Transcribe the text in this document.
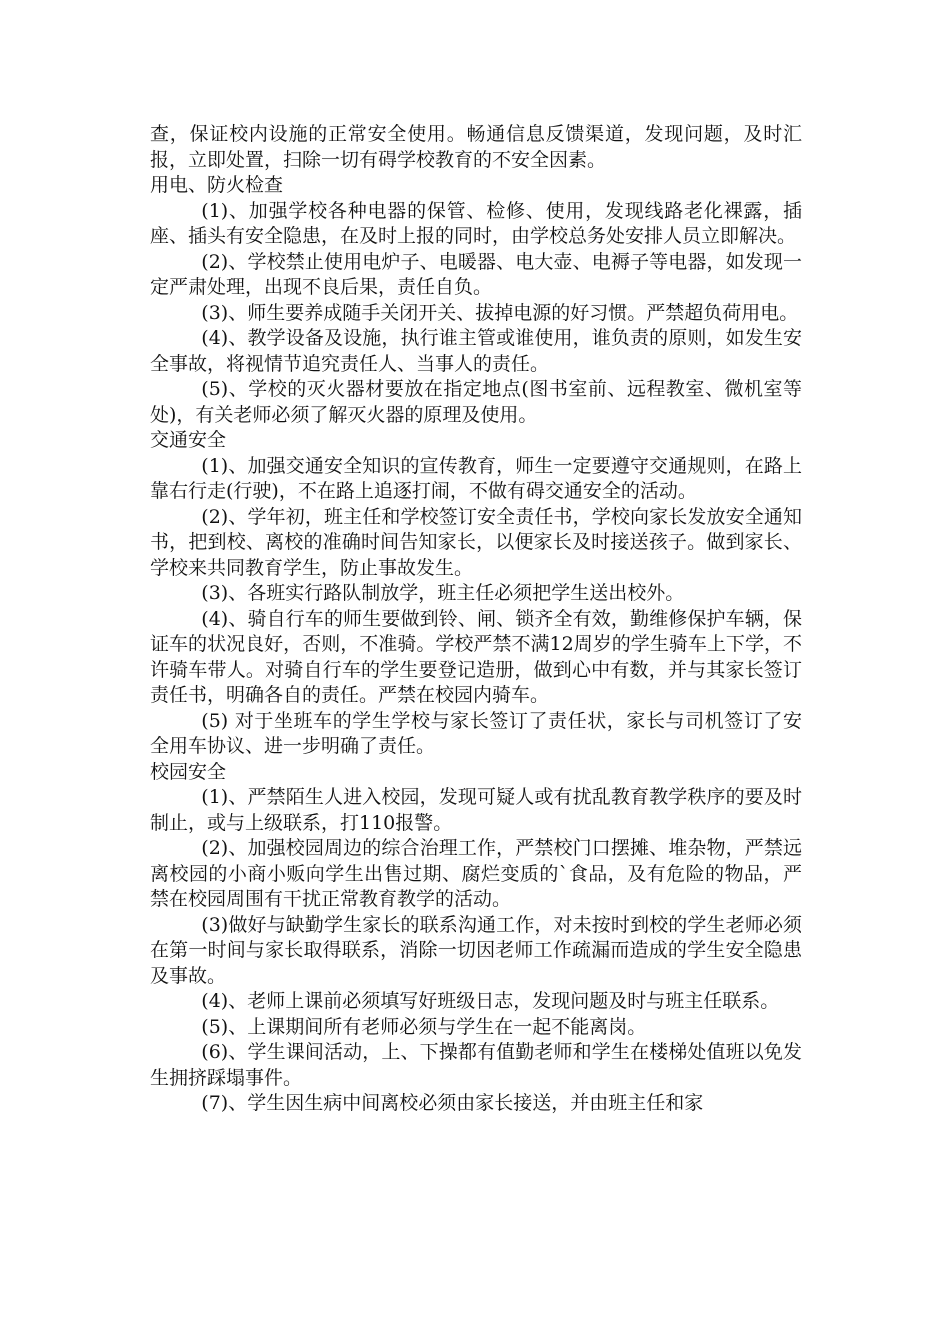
查，保证校内设施的正常安全使用。畅通信息反馈渠道，发现问题，及时汇报，立即处置，扫除一切有碍学校教育的不安全因素。

用电、防火检查

(1)、加强学校各种电器的保管、检修、使用，发现线路老化裸露，插座、插头有安全隐患，在及时上报的同时，由学校总务处安排人员立即解决。

(2)、学校禁止使用电炉子、电暖器、电大壶、电褥子等电器，如发现一定严肃处理，出现不良后果，责任自负。

(3)、师生要养成随手关闭开关、拔掉电源的好习惯。严禁超负荷用电。

(4)、教学设备及设施，执行谁主管或谁使用，谁负责的原则，如发生安全事故，将视情节追究责任人、当事人的责任。

(5)、学校的灭火器材要放在指定地点(图书室前、远程教室、微机室等处)，有关老师必须了解灭火器的原理及使用。

交通安全

(1)、加强交通安全知识的宣传教育，师生一定要遵守交通规则，在路上靠右行走(行驶)，不在路上追逐打闹，不做有碍交通安全的活动。

(2)、学年初，班主任和学校签订安全责任书，学校向家长发放安全通知书，把到校、离校的准确时间告知家长，以便家长及时接送孩子。做到家长、学校来共同教育学生，防止事故发生。

(3)、各班实行路队制放学，班主任必须把学生送出校外。

(4)、骑自行车的师生要做到铃、闸、锁齐全有效，勤维修保护车辆，保证车的状况良好，否则，不准骑。学校严禁不满12周岁的学生骑车上下学，不许骑车带人。对骑自行车的学生要登记造册，做到心中有数，并与其家长签订责任书，明确各自的责任。严禁在校园内骑车。

(5) 对于坐班车的学生学校与家长签订了责任状，家长与司机签订了安全用车协议、进一步明确了责任。

校园安全

(1)、严禁陌生人进入校园，发现可疑人或有扰乱教育教学秩序的要及时制止，或与上级联系，打110报警。

(2)、加强校园周边的综合治理工作，严禁校门口摆摊、堆杂物，严禁远离校园的小商小贩向学生出售过期、腐烂变质的`食品，及有危险的物品，严禁在校园周围有干扰正常教育教学的活动。

(3)做好与缺勤学生家长的联系沟通工作，对未按时到校的学生老师必须在第一时间与家长取得联系，消除一切因老师工作疏漏而造成的学生安全隐患及事故。

(4)、老师上课前必须填写好班级日志，发现问题及时与班主任联系。

(5)、上课期间所有老师必须与学生在一起不能离岗。

(6)、学生课间活动，上、下操都有值勤老师和学生在楼梯处值班以免发生拥挤踩塌事件。

(7)、学生因生病中间离校必须由家长接送，并由班主任和家
